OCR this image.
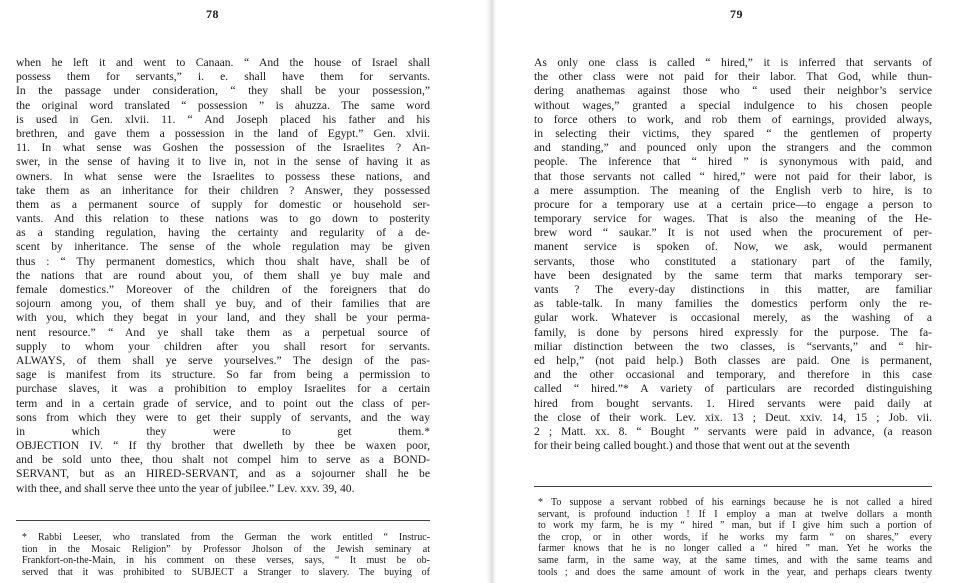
78
when he left it and went to Canaan. “ And the house of Israel shall
possess them for servants,” i. e. shall have them for servants.
In the passage under consideration, “ they shall be your possession,”
the original word translated “ possession ” is ahuzza. The same word
is used in Gen. xlvii. 11. “ And Joseph placed his father and his
brethren, and gave them a possession in the land of Egypt.” Gen. xlvii.
11. In what sense was Goshen the possession of the Israelites ? An-
swer, in the sense of having it to live in, not in the sense of having it as
owners. In what sense were the Israelites to possess these nations, and
take them as an inheritance for their children ? Answer, they possessed
them as a permanent source of supply for domestic or household ser-
vants. And this relation to these nations was to go down to posterity
as a standing regulation, having the certainty and regularity of a de-
scent by inheritance. The sense of the whole regulation may be given
thus : “ Thy permanent domestics, which thou shalt have, shall be of
the nations that are round about you, of them shall ye buy male and
female domestics.” Moreover of the children of the foreigners that do
sojourn among you, of them shall ye buy, and of their families that are
with you, which they begat in your land, and they shall be your perma-
nent resource.” “ And ye shall take them as a perpetual source of
supply to whom your children after you shall resort for servants.
ALWAYS, of them shall ye serve yourselves.” The design of the pas-
sage is manifest from its structure. So far from being a permission to
purchase slaves, it was a prohibition to employ Israelites for a certain
term and in a certain grade of service, and to point out the class of per-
sons from which they were to get their supply of servants, and the way
in which they were to get them.*
OBJECTION IV. “ If thy brother that dwelleth by thee be waxen poor,
and be sold unto thee, thou shalt not compel him to serve as a BOND-
SERVANT, but as an HIRED-SERVANT, and as a sojourner shall he be
with thee, and shall serve thee unto the year of jubilee.” Lev. xxv. 39, 40.
* Rabbi Leeser, who translated from the German the work entitled “ Instruc-
tion in the Mosaic Religion” by Professor Jholson of the Jewish seminary at
Frankfort-on-the-Main, in his comment on these verses, says, “ It must be ob-
served that it was prohibited to SUBJECT a Stranger to slavery. The buying of
79
As only one class is called “ hired,” it is inferred that servants of
the other class were not paid for their labor. That God, while thun-
dering anathemas against those who “ used their neighbor’s service
without wages,” granted a special indulgence to his chosen people
to force others to work, and rob them of earnings, provided always,
in selecting their victims, they spared “ the gentlemen of property
and standing,” and pounced only upon the strangers and the common
people. The inference that “ hired ” is synonymous with paid, and
that those servants not called “ hired,” were not paid for their labor, is
a mere assumption. The meaning of the English verb to hire, is to
procure for a temporary use at a certain price—to engage a person to
temporary service for wages. That is also the meaning of the He-
brew word “ saukar.” It is not used when the procurement of per-
manent service is spoken of. Now, we ask, would permanent
servants, those who constituted a stationary part of the family,
have been designated by the same term that marks temporary ser-
vants ? The every-day distinctions in this matter, are familiar
as table-talk. In many families the domestics perform only the re-
gular work. Whatever is occasional merely, as the washing of a
family, is done by persons hired expressly for the purpose. The fa-
miliar distinction between the two classes, is “servants,” and “ hir-
ed help,” (not paid help.) Both classes are paid. One is permanent,
and the other occasional and temporary, and therefore in this case
called “ hired.”* A variety of particulars are recorded distinguishing
hired from bought servants. 1. Hired servants were paid daily at
the close of their work. Lev. xix. 13 ; Deut. xxiv. 14, 15 ; Job. vii.
2 ; Matt. xx. 8. “ Bought ” servants were paid in advance, (a reason
for their being called bought.) and those that went out at the seventh
* To suppose a servant robbed of his earnings because he is not called a hired
servant, is profound induction ! If I employ a man at twelve dollars a month
to work my farm, he is my “ hired ” man, but if I give him such a portion of
the crop, or in other words, if he works my farm “ on shares,” every
farmer knows that he is no longer called a “ hired ” man. Yet he works the
same farm, in the same way, at the same times, and with the same teams and
tools ; and does the same amount of work in the year, and perhaps clears twenty
